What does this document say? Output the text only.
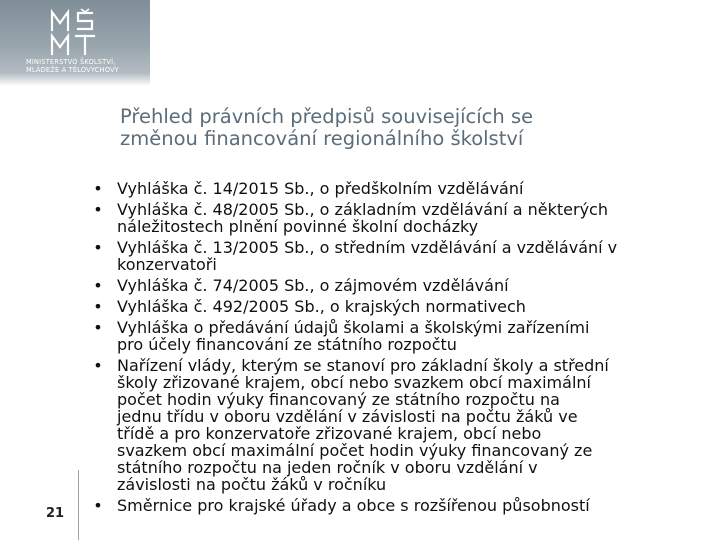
MINISTERSTVO ŠKOLSTVÍ,
MLÁDEŽE A TĚLOVÝCHOVY
Přehled právních předpisů souvisejících se
změnou financování regionálního školství
• Vyhláška č. 14/2015 Sb., o předškolním vzdělávání
• Vyhláška č. 48/2005 Sb., o základním vzdělávání a některých
náležitostech plnění povinné školní docházky
• Vyhláška č. 13/2005 Sb., o středním vzdělávání a vzdělávání v
konzervatoři
• Vyhláška č. 74/2005 Sb., o zájmovém vzdělávání
• Vyhláška č. 492/2005 Sb., o krajských normativech
• Vyhláška o předávání údajů školami a školskými zařízeními
pro účely financování ze státního rozpočtu
• Nařízení vlády, kterým se stanoví pro základní školy a střední
školy zřizované krajem, obcí nebo svazkem obcí maximální
počet hodin výuky financovaný ze státního rozpočtu na
jednu třídu v oboru vzdělání v závislosti na počtu žáků ve
třídě a pro konzervatoře zřizované krajem, obcí nebo
svazkem obcí maximální počet hodin výuky financovaný ze
státního rozpočtu na jeden ročník v oboru vzdělání v
závislosti na počtu žáků v ročníku
• Směrnice pro krajské úřady a obce s rozšířenou působností
21
